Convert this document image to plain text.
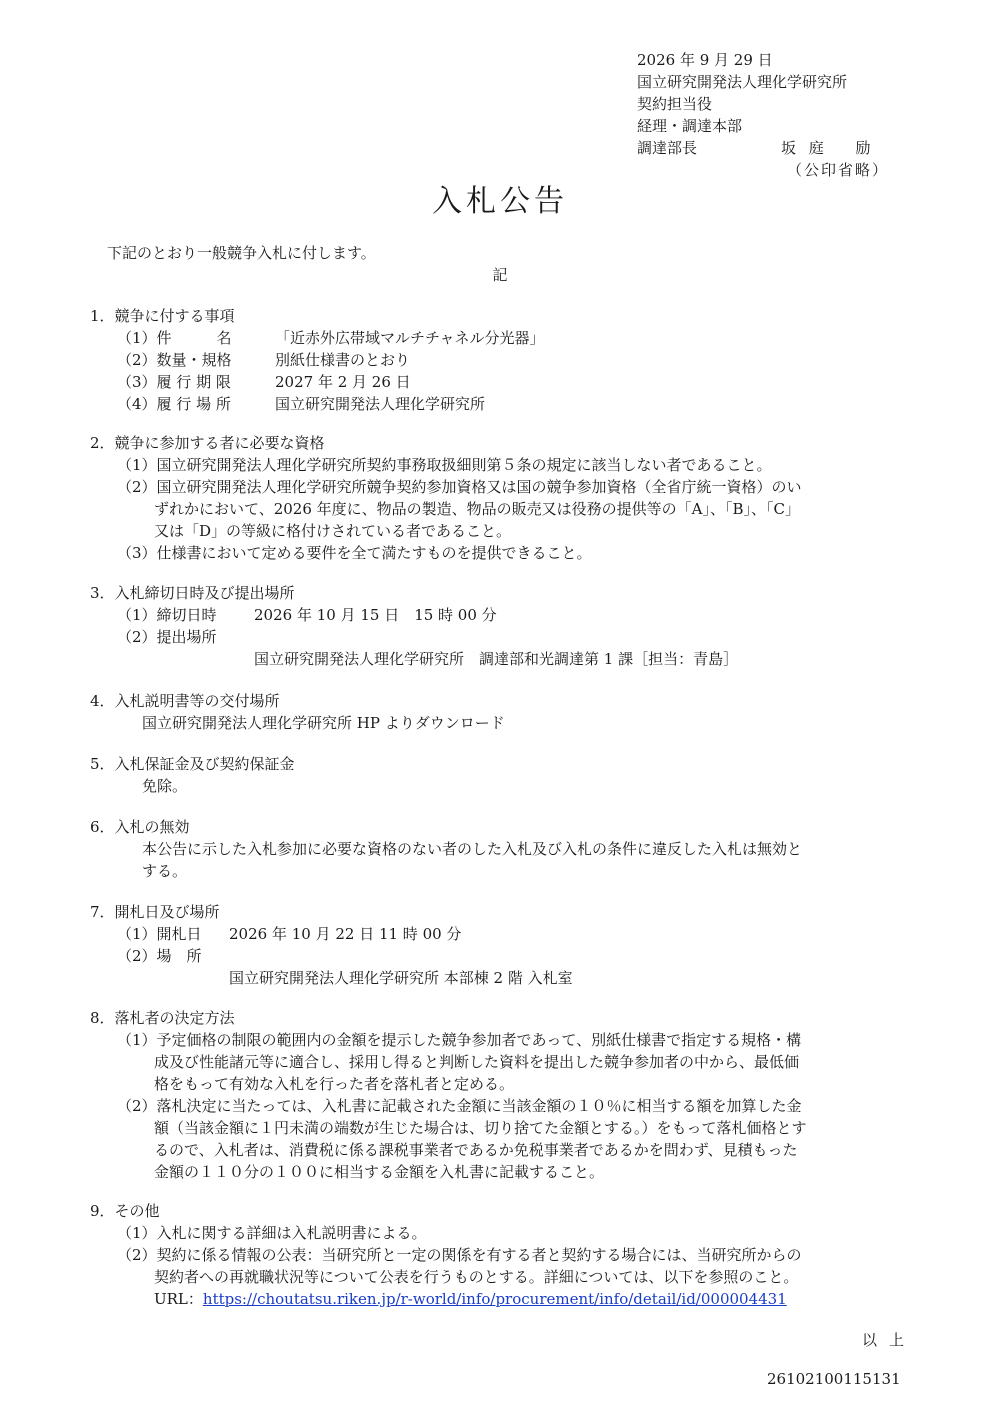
2026 年 9 月 29 日
国立研究開発法人理化学研究所
契約担当役
経理・調達本部
調達部長	坂 庭　 励
（公印省略）
入札公告
下記のとおり一般競争入札に付します。
記
1．競争に付する事項
（1）件　　　名	「近赤外広帯域マルチチャネル分光器」
（2）数量・規格	別紙仕様書のとおり
（3）履 行 期 限	2027 年 2 月 26 日
（4）履 行 場 所	国立研究開発法人理化学研究所
2．競争に参加する者に必要な資格
（1）国立研究開発法人理化学研究所契約事務取扱細則第５条の規定に該当しない者であること。
（2）国立研究開発法人理化学研究所競争契約参加資格又は国の競争参加資格（全省庁統一資格）のい
ずれかにおいて、2026 年度に、物品の製造、物品の販売又は役務の提供等の「A」、「B」、「C」
又は「D」の等級に格付けされている者であること。
（3）仕様書において定める要件を全て満たすものを提供できること。
3．入札締切日時及び提出場所
（1）締切日時 2026 年 10 月 15 日　15 時 00 分
（2）提出場所
国立研究開発法人理化学研究所　調達部和光調達第 1 課［担当：青島］
4．入札説明書等の交付場所
国立研究開発法人理化学研究所 HP よりダウンロード
5．入札保証金及び契約保証金
免除。
6．入札の無効
本公告に示した入札参加に必要な資格のない者のした入札及び入札の条件に違反した入札は無効と
する。
7．開札日及び場所
（1）開札日 2026 年 10 月 22 日 11 時 00 分
（2）場　所
国立研究開発法人理化学研究所 本部棟 2 階 入札室
8．落札者の決定方法
（1）予定価格の制限の範囲内の金額を提示した競争参加者であって、別紙仕様書で指定する規格・構
成及び性能諸元等に適合し、採用し得ると判断した資料を提出した競争参加者の中から、最低価
格をもって有効な入札を行った者を落札者と定める。
（2）落札決定に当たっては、入札書に記載された金額に当該金額の１０％に相当する額を加算した金
額（当該金額に１円未満の端数が生じた場合は、切り捨てた金額とする。）をもって落札価格とす
るので、入札者は、消費税に係る課税事業者であるか免税事業者であるかを問わず、見積もった
金額の１１０分の１００に相当する金額を入札書に記載すること。
9．その他
（1）入札に関する詳細は入札説明書による。
（2）契約に係る情報の公表：当研究所と一定の関係を有する者と契約する場合には、当研究所からの
契約者への再就職状況等について公表を行うものとする。詳細については、以下を参照のこと。
URL：https://choutatsu.riken.jp/r-world/info/procurement/info/detail/id/000004431
以上
26102100115131
